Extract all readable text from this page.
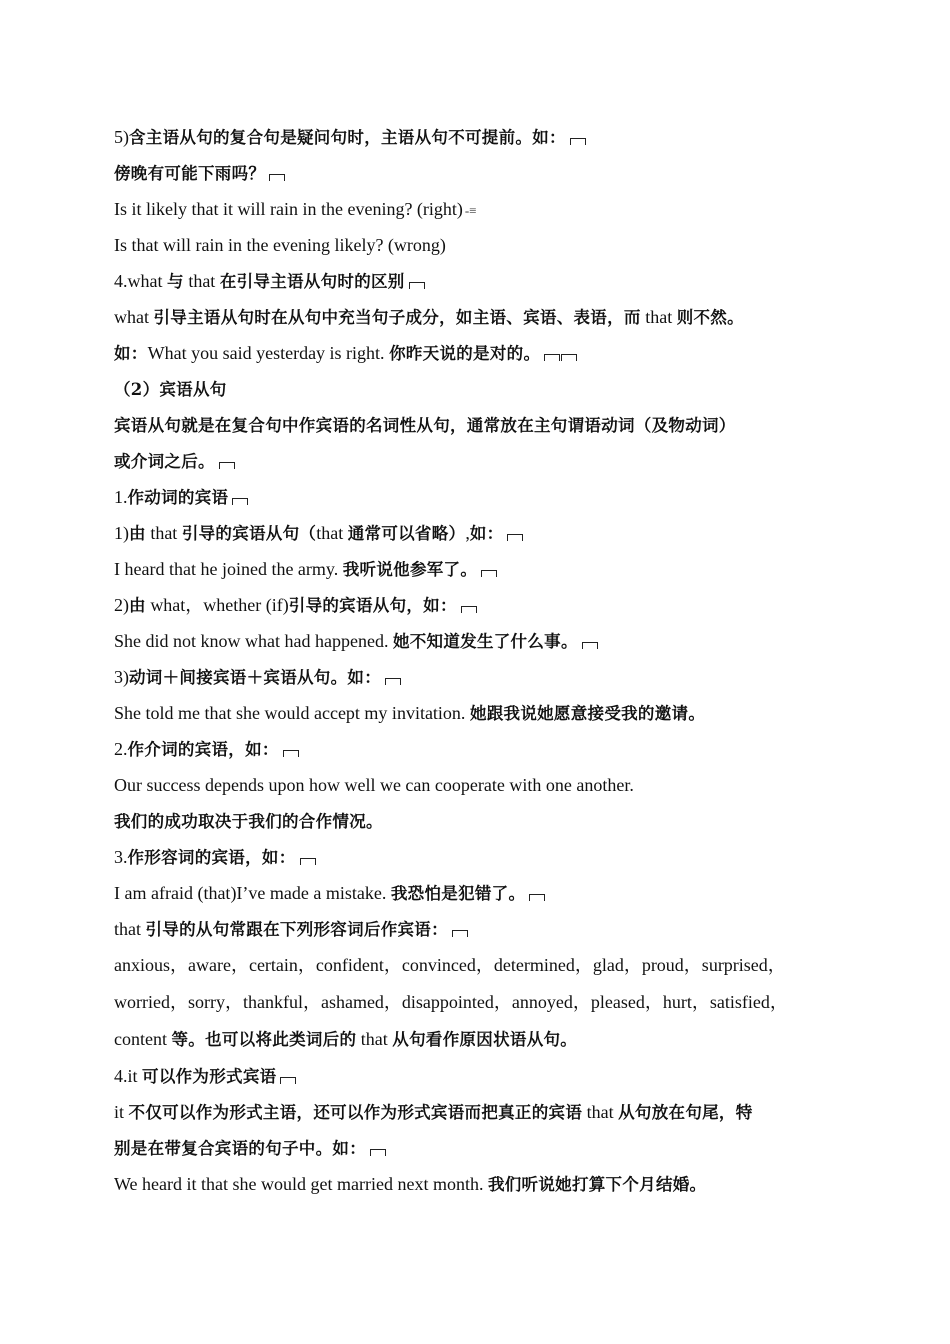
5)含主语从句的复合句是疑问句时，主语从句不可提前。如：
傍晚有可能下雨吗？
Is it likely that it will rain in the evening? (right) -≡
Is that will rain in the evening likely? (wrong)
4.what 与 that 在引导主语从句时的区别
what 引导主语从句时在从句中充当句子成分，如主语、宾语、表语，而 that 则不然。
如：What you said yesterday is right. 你昨天说的是对的。
（2）宾语从句
宾语从句就是在复合句中作宾语的名词性从句，通常放在主句谓语动词（及物动词）
或介词之后。
1.作动词的宾语
1)由 that 引导的宾语从句（that 通常可以省略）,如：
I heard that he joined the army. 我听说他参军了。
2)由 what，whether (if)引导的宾语从句，如：
She did not know what had happened. 她不知道发生了什么事。
3)动词＋间接宾语＋宾语从句。如：
She told me that she would accept my invitation. 她跟我说她愿意接受我的邀请。
2.作介词的宾语，如：
Our success depends upon how well we can cooperate with one another.
我们的成功取决于我们的合作情况。
3.作形容词的宾语，如：
I am afraid (that)I’ve made a mistake. 我恐怕是犯错了。
that 引导的从句常跟在下列形容词后作宾语：
anxious，aware，certain，confident，convinced，determined，glad，proud，surprised，
worried，sorry，thankful，ashamed，disappointed，annoyed，pleased，hurt，satisfied，
content 等。也可以将此类词后的 that 从句看作原因状语从句。
4.it 可以作为形式宾语
it 不仅可以作为形式主语，还可以作为形式宾语而把真正的宾语 that 从句放在句尾，特
别是在带复合宾语的句子中。如：
We heard it that she would get married next month. 我们听说她打算下个月结婚。
